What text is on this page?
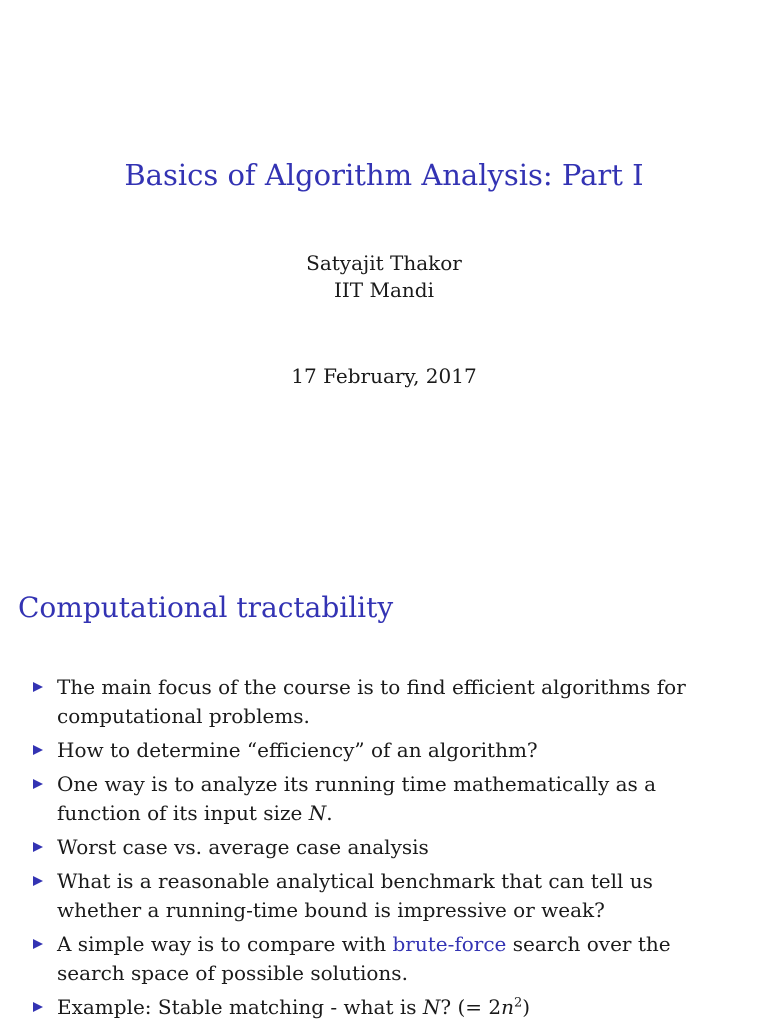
Basics of Algorithm Analysis: Part I
Satyajit Thakor
IIT Mandi
17 February, 2017
Computational tractability
The main focus of the course is to find efficient algorithms for
computational problems.
How to determine “efficiency” of an algorithm?
One way is to analyze its running time mathematically as a
function of its input size N.
Worst case vs. average case analysis
What is a reasonable analytical benchmark that can tell us
whether a running-time bound is impressive or weak?
A simple way is to compare with brute-force search over the
search space of possible solutions.
Example: Stable matching - what is N? (= $2n^2$)
